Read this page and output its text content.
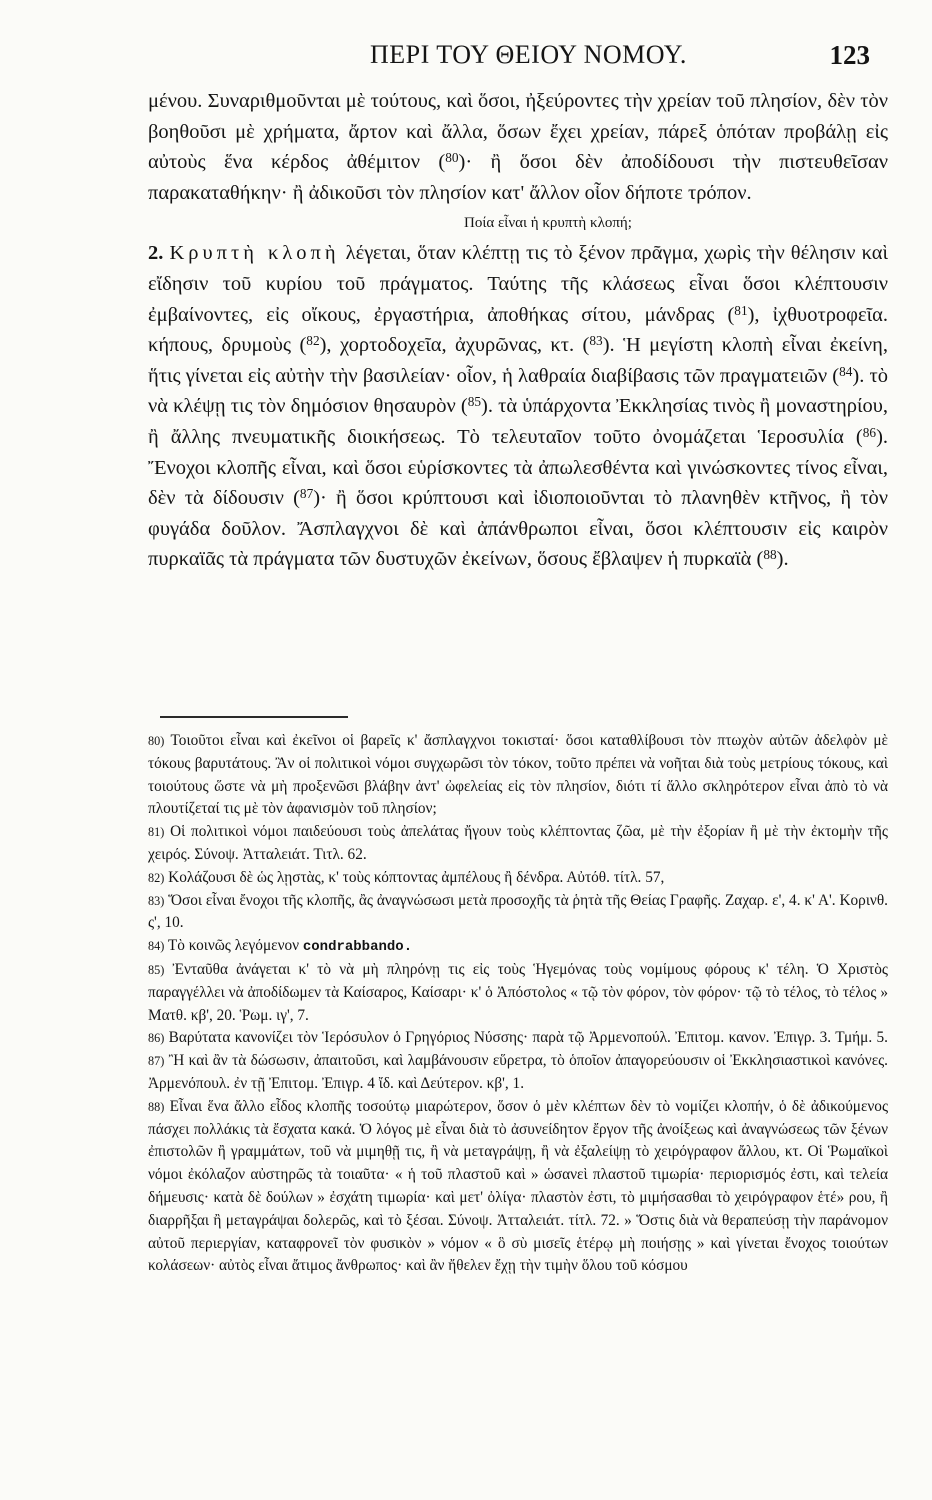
ΠΕΡΙ ΤΟΥ ΘΕΙΟΥ ΝΟΜΟΥ.	123

μένου. Συναριθμοῦνται μὲ τούτους, καὶ ὅσοι, ἠξεύροντες τὴν χρείαν τοῦ πλησίον, δὲν τὸν βοηθοῦσι μὲ χρήματα, ἄρτον καὶ ἄλλα, ὅσων ἔχει χρείαν, πάρεξ ὁπόταν προβάλῃ εἰς αὐτοὺς ἕνα κέρδος ἀθέμιτον ($^{80}$)· ἢ ὅσοι δὲν ἀποδίδουσι τὴν πιστευθεῖσαν παρακαταθήκην· ἢ ἀδικοῦσι τὸν πλησίον κατ' ἄλλον οἷον δήποτε τρόπον.

Ποία εἶναι ἡ κρυπτὴ κλοπή;

2. Κρυπτὴ κλοπὴ λέγεται, ὅταν κλέπτῃ τις τὸ ξένον πρᾶγμα, χωρὶς τὴν θέλησιν καὶ εἴδησιν τοῦ κυρίου τοῦ πράγματος. Ταύτης τῆς κλάσεως εἶναι ὅσοι κλέπτουσιν ἐμβαίνοντες, εἰς οἴκους, ἐργαστήρια, ἀποθήκας σίτου, μάνδρας ($^{81}$), ἰχθυοτροφεῖα. κήπους, δρυμοὺς ($^{82}$), χορτοδοχεῖα, ἀχυρῶνας, κτ. ($^{83}$). Ἡ μεγίστη κλοπὴ εἶναι ἐκείνη, ἥτις γίνεται εἰς αὐτὴν τὴν βασιλείαν· οἷον, ἡ λαθραία διαβίβασις τῶν πραγματειῶν ($^{84}$). τὸ νὰ κλέψῃ τις τὸν δημόσιον θησαυρὸν ($^{85}$). τὰ ὑπάρχοντα Ἐκκλησίας τινὸς ἢ μοναστηρίου, ἢ ἄλλης πνευματικῆς διοικήσεως. Τὸ τελευταῖον τοῦτο ὀνομάζεται Ἱεροσυλία ($^{86}$). Ἔνοχοι κλοπῆς εἶναι, καὶ ὅσοι εὑρίσκοντες τὰ ἀπωλεσθέντα καὶ γινώσκοντες τίνος εἶναι, δὲν τὰ δίδουσιν ($^{87}$)· ἢ ὅσοι κρύπτουσι καὶ ἰδιοποιοῦνται τὸ πλανηθὲν κτῆνος, ἢ τὸν φυγάδα δοῦλον. Ἄσπλαγχνοι δὲ καὶ ἀπάνθρωποι εἶναι, ὅσοι κλέπτουσιν εἰς καιρὸν πυρκαϊᾶς τὰ πράγματα τῶν δυστυχῶν ἐκείνων, ὅσους ἔβλαψεν ἡ πυρκαϊὰ ($^{88}$).

80) Τοιοῦτοι εἶναι καὶ ἐκεῖνοι οἱ βαρεῖς κ' ἄσπλαγχνοι τοκισταί· ὅσοι καταθλίβουσι τὸν πτωχὸν αὐτῶν ἀδελφὸν μὲ τόκους βαρυτάτους. Ἂν οἱ πολιτικοὶ νόμοι συγχωρῶσι τὸν τόκον, τοῦτο πρέπει νὰ νοῆται διὰ τοὺς μετρίους τόκους, καὶ τοιούτους ὥστε νὰ μὴ προξενῶσι βλάβην ἀντ' ὠφελείας εἰς τὸν πλησίον, διότι τί ἄλλο σκληρότερον εἶναι ἀπὸ τὸ νὰ πλουτίζεταί τις μὲ τὸν ἀφανισμὸν τοῦ πλησίον;

81) Οἱ πολιτικοὶ νόμοι παιδεύουσι τοὺς ἀπελάτας ἤγουν τοὺς κλέπτοντας ζῶα, μὲ τὴν ἐξορίαν ἢ μὲ τὴν ἐκτομὴν τῆς χειρός. Σύνοψ. Ἀτταλειάτ. Τιτλ. 62.

82) Κολάζουσι δὲ ὡς λῃστὰς, κ' τοὺς κόπτοντας ἀμπέλους ἢ δένδρα. Αὐτόθ. τίτλ. 57,

83) Ὅσοι εἶναι ἔνοχοι τῆς κλοπῆς, ἂς ἀναγνώσωσι μετὰ προσοχῆς τὰ ῥητὰ τῆς Θείας Γραφῆς. Ζαχαρ. ε', 4. κ' Α'. Κορινθ. ς', 10.

84) Τὸ κοινῶς λεγόμενον condrabbando.

85) Ἐνταῦθα ἀνάγεται κ' τὸ νὰ μὴ πληρόνῃ τις εἰς τοὺς Ἡγεμόνας τοὺς νομίμους φόρους κ' τέλη. Ὁ Χριστὸς παραγγέλλει νὰ ἀποδίδωμεν τὰ Καίσαρος, Καίσαρι· κ' ὁ Ἀπόστολος « τῷ τὸν φόρον, τὸν φόρον· τῷ τὸ τέλος, τὸ τέλος » Ματθ. κβ', 20. Ῥωμ. ιγ', 7.

86) Βαρύτατα κανονίζει τὸν Ἱερόσυλον ὁ Γρηγόριος Νύσσης· παρὰ τῷ Ἀρμενοπούλ. Ἐπιτομ. κανον. Ἐπιγρ. 3. Τμήμ. 5. 87) Ἢ καὶ ἂν τὰ δώσωσιν, ἀπαιτοῦσι, καὶ λαμβάνουσιν εὕρετρα, τὸ ὁποῖον ἀπαγορεύουσιν οἱ Ἐκκλησιαστικοὶ κανόνες. Ἀρμενόπουλ. ἐν τῇ Ἐπιτομ. Ἐπιγρ. 4 ἴδ. καὶ Δεύτερον. κβ', 1.

88) Εἶναι ἕνα ἄλλο εἶδος κλοπῆς τοσούτῳ μιαρώτερον, ὅσον ὁ μὲν κλέπτων δὲν τὸ νομίζει κλοπήν, ὁ δὲ ἀδικούμενος πάσχει πολλάκις τὰ ἔσχατα κακά. Ὁ λόγος μὲ εἶναι διὰ τὸ ἀσυνείδητον ἔργον τῆς ἀνοίξεως καὶ ἀναγνώσεως τῶν ξένων ἐπιστολῶν ἢ γραμμάτων, τοῦ νὰ μιμηθῇ τις, ἢ νὰ μεταγράψῃ, ἢ νὰ ἐξαλείψῃ τὸ χειρόγραφον ἄλλου, κτ. Οἱ Ῥωμαϊκοὶ νόμοι ἐκόλαζον αὐστηρῶς τὰ τοιαῦτα· « ἡ τοῦ πλαστοῦ καὶ » ὡσανεὶ πλαστοῦ τιμωρία· περιορισμός ἐστι, καὶ τελεία δήμευσις· κατὰ δὲ δούλων » ἐσχάτη τιμωρία· καὶ μετ' ὀλίγα· πλαστὸν ἐστι, τὸ μιμήσασθαι τὸ χειρόγραφον ἑτέ» ρου, ἢ διαρρῆξαι ἢ μεταγράψαι δολερῶς, καὶ τὸ ξέσαι. Σύνοψ. Ἀτταλειάτ. τίτλ. 72. » Ὅστις διὰ νὰ θεραπεύσῃ τὴν παράνομον αὐτοῦ περιεργίαν, καταφρονεῖ τὸν φυσικὸν » νόμον « ὃ σὺ μισεῖς ἑτέρῳ μὴ ποιήσῃς » καὶ γίνεται ἔνοχος τοιούτων κολάσεων· αὐτὸς εἶναι ἄτιμος ἄνθρωπος· καὶ ἂν ἤθελεν ἔχῃ τὴν τιμὴν ὅλου τοῦ κόσμου
